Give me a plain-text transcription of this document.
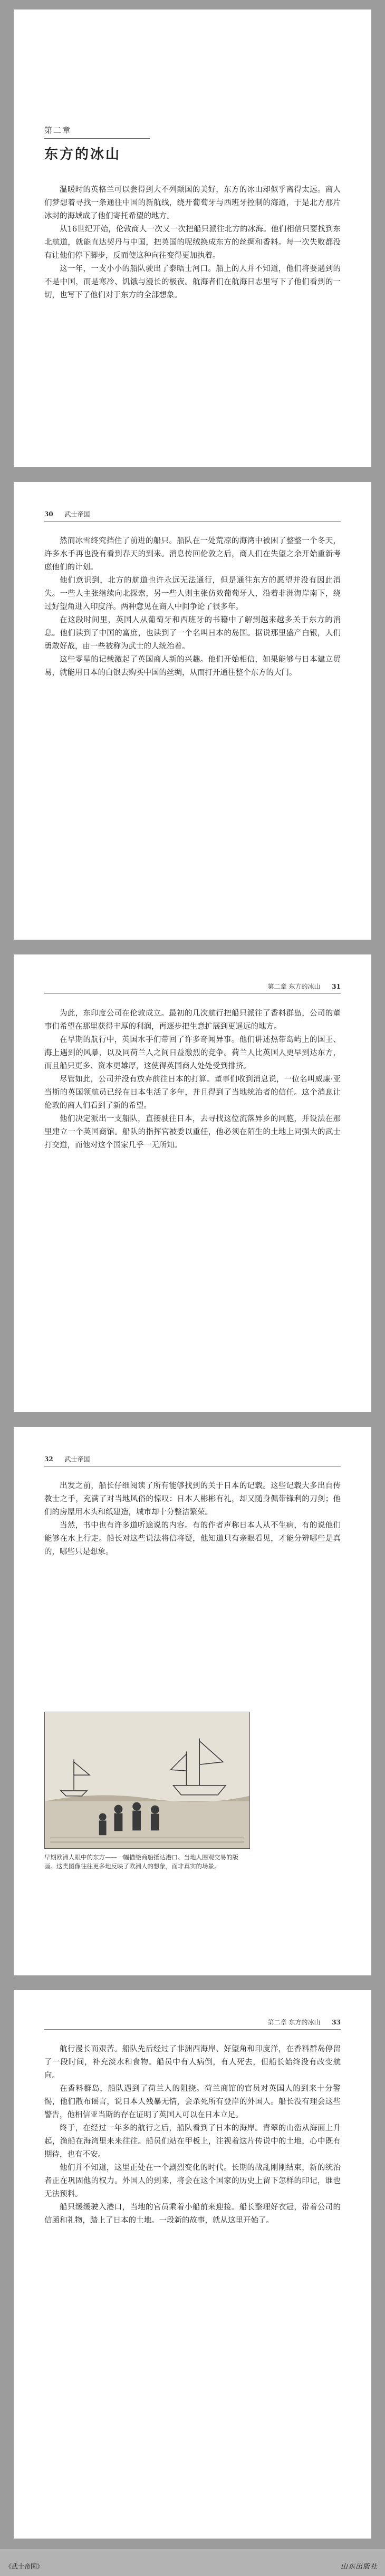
第二章
东方的冰山

温暖时的英格兰可以尝得到大不列颠国的美好，东方的冰山却似乎离得太远。商人们梦想着寻找一条通往中国的新航线，绕开葡萄牙与西班牙控制的海道，于是北方那片冰封的海域成了他们寄托希望的地方。

从16世纪开始，伦敦商人一次又一次把船只派往北方的冰海。他们相信只要找到东北航道，就能直达契丹与中国，把英国的呢绒换成东方的丝绸和香料。每一次失败都没有让他们停下脚步，反而使这种向往变得更加执着。

这一年，一支小小的船队驶出了泰晤士河口。船上的人并不知道，他们将要遇到的不是中国，而是寒冷、饥饿与漫长的极夜。航海者们在航海日志里写下了他们看到的一切，也写下了他们对于东方的全部想象。

30 武士帝国

然而冰雪终究挡住了前进的船只。船队在一处荒凉的海湾中被困了整整一个冬天，许多水手再也没有看到春天的到来。消息传回伦敦之后，商人们在失望之余开始重新考虑他们的计划。

他们意识到，北方的航道也许永远无法通行，但是通往东方的愿望并没有因此消失。一些人主张继续向北探索，另一些人则主张仿效葡萄牙人，沿着非洲海岸南下，绕过好望角进入印度洋。两种意见在商人中间争论了很多年。

在这段时间里，英国人从葡萄牙和西班牙的书籍中了解到越来越多关于东方的消息。他们读到了中国的富庶，也读到了一个名叫日本的岛国。据说那里盛产白银，人们勇敢好战，由一些被称为武士的人统治着。

这些零星的记载激起了英国商人新的兴趣。他们开始相信，如果能够与日本建立贸易，就能用日本的白银去购买中国的丝绸，从而打开通往整个东方的大门。

第二章 东方的冰山 31

为此，东印度公司在伦敦成立。最初的几次航行把船只派往了香料群岛，公司的董事们希望在那里获得丰厚的利润，再逐步把生意扩展到更遥远的地方。

在早期的航行中，英国水手们带回了许多奇闻异事。他们讲述热带岛屿上的国王、海上遇到的风暴，以及同荷兰人之间日益激烈的竞争。荷兰人比英国人更早到达东方，而且船只更多、资本更雄厚，这使得英国商人处处受到排挤。

尽管如此，公司并没有放弃前往日本的打算。董事们收到消息说，一位名叫威廉·亚当斯的英国领航员已经在日本生活了多年，并且得到了当地统治者的信任。这个消息让伦敦的商人们看到了新的希望。

他们决定派出一支船队，直接驶往日本，去寻找这位流落异乡的同胞，并设法在那里建立一个英国商馆。船队的指挥官被委以重任，他必须在陌生的土地上同强大的武士打交道，而他对这个国家几乎一无所知。

32 武士帝国

出发之前，船长仔细阅读了所有能够找到的关于日本的记载。这些记载大多出自传教士之手，充满了对当地风俗的惊叹：日本人彬彬有礼，却又随身佩带锋利的刀剑；他们的房屋用木头和纸建造，城市却十分整洁繁荣。

当然，书中也有许多道听途说的内容。有的作者声称日本人从不生病，有的说他们能够在水上行走。船长对这些说法将信将疑，他知道只有亲眼看见，才能分辨哪些是真的，哪些只是想象。

早期欧洲人眼中的东方——一幅描绘商船抵达港口、当地人围观交易的版画。这类图像往往更多地反映了欧洲人的想象，而非真实的场景。
第二章 东方的冰山 33

航行漫长而艰苦。船队先后经过了非洲西海岸、好望角和印度洋，在香料群岛停留了一段时间，补充淡水和食物。船员中有人病倒，有人死去，但船长始终没有改变航向。

在香料群岛，船队遇到了荷兰人的阻挠。荷兰商馆的官员对英国人的到来十分警惕，他们散布谣言，说日本人残暴无情，会杀死所有登岸的外国人。船长没有理会这些警告，他相信亚当斯的存在证明了英国人可以在日本立足。

终于，在经过一年多的航行之后，船队看到了日本的海岸。青翠的山峦从海面上升起，渔船在海湾里来来往往。船员们站在甲板上，注视着这片传说中的土地，心中既有期待，也有不安。

他们并不知道，这里正处在一个剧烈变化的时代。长期的战乱刚刚结束，新的统治者正在巩固他的权力。外国人的到来，将会在这个国家的历史上留下怎样的印记，谁也无法预料。

船只缓缓驶入港口，当地的官员乘着小船前来迎接。船长整理好衣冠，带着公司的信函和礼物，踏上了日本的土地。一段新的故事，就从这里开始了。

《武士帝国》	山东出版社
